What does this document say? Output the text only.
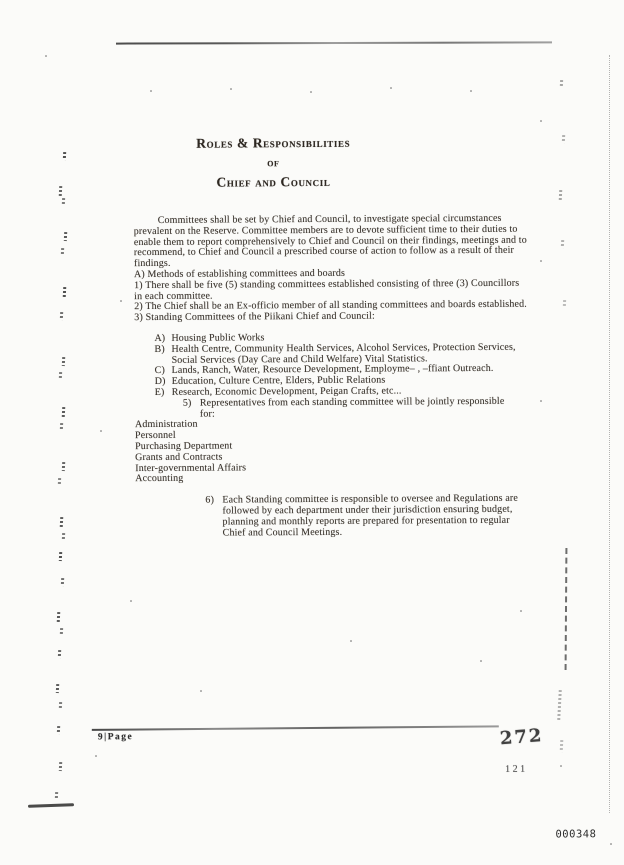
Roles & Responsibilities
of
Chief and Council

Committees shall be set by Chief and Council, to investigate special circumstances prevalent on the Reserve. Committee members are to devote sufficient time to their duties to enable them to report comprehensively to Chief and Council on their findings, meetings and to recommend, to Chief and Council a prescribed course of action to follow as a result of their findings.

A) Methods of establishing committees and boards

1) There shall be five (5) standing committees established consisting of three (3) Councillors in each committee.

2) The Chief shall be an Ex-officio member of all standing committees and boards established.

3) Standing Committees of the Piikani Chief and Council:

A) Housing Public Works
B) Health Centre, Community Health Services, Alcohol Services, Protection Services, Social Services (Day Care and Child Welfare) Vital Statistics.
C) Lands, Ranch, Water, Resource Development, Employme– , –ffiant Outreach.
D) Education, Culture Centre, Elders, Public Relations
E) Research, Economic Development, Peigan Crafts, etc...
5) Representatives from each standing committee will be jointly responsible for:

Administration

Personnel

Purchasing Department

Grants and Contracts

Inter-governmental Affairs

Accounting

6) Each Standing committee is responsible to oversee and Regulations are followed by each department under their jurisdiction ensuring budget, planning and monthly reports are prepared for presentation to regular Chief and Council Meetings.
9|Page	272
121
000348
